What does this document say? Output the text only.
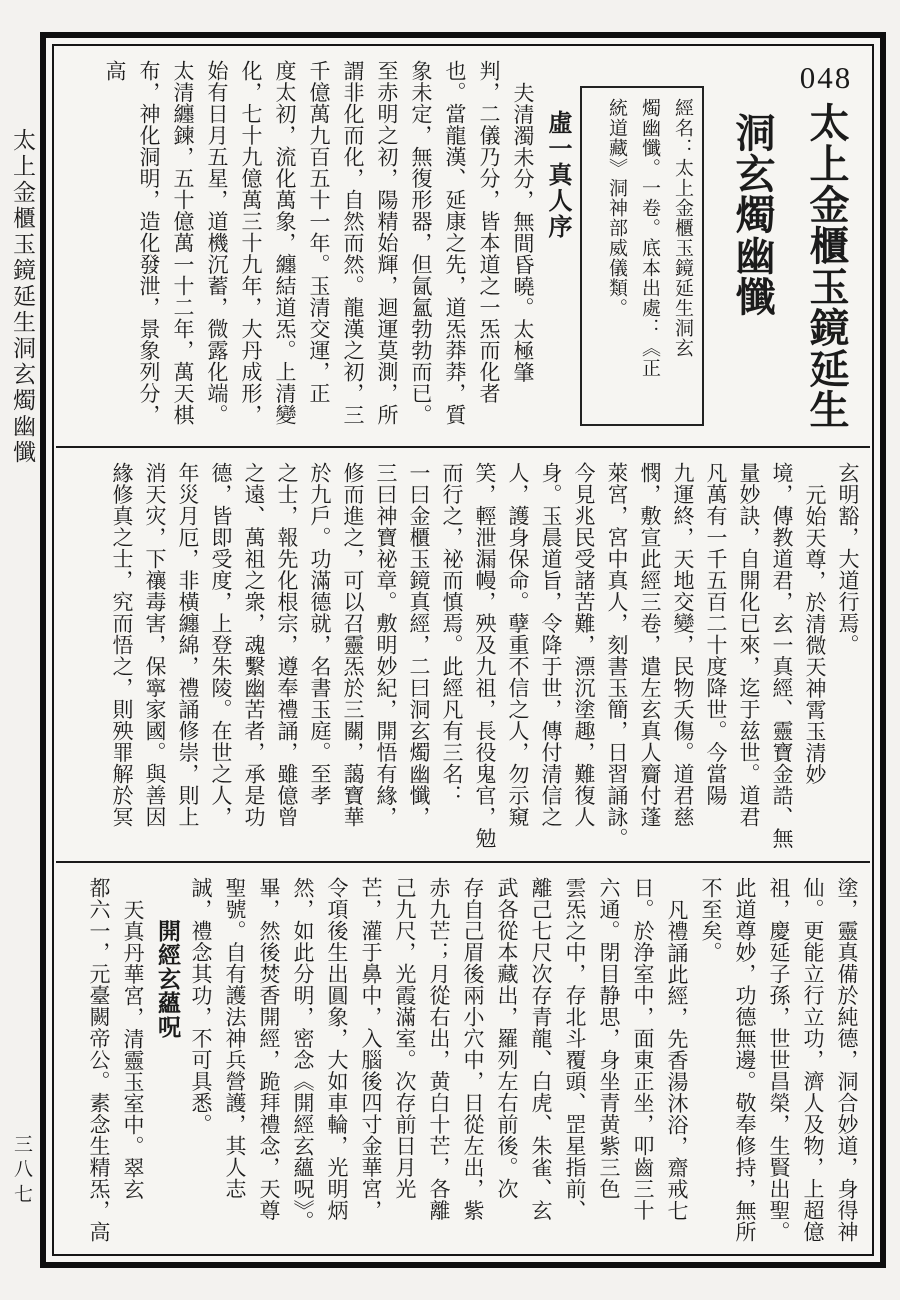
太上金櫃玉鏡延生洞玄燭幽懺
三八七
048
太上金櫃玉鏡延生
洞玄燭幽懺
經名：太上金櫃玉鏡延生洞玄
燭幽懺。一卷。底本出處：《正
統道藏》洞神部威儀類。
虛一真人序
夫清濁未分，無間昏曉。太極肇
判，二儀乃分，皆本道之一炁而化者
也。當龍漢、延康之先，道炁莽莽，質
象未定，無復形器，但氤氳勃勃而已。
至赤明之初，陽精始輝，迴運莫測，所
謂非化而化，自然而然。龍漢之初，三
千億萬九百五十一年。玉清交運，正
度太初，流化萬象，纏結道炁。上清變
化，七十九億萬三十九年，大丹成形，
始有日月五星，道機沉蓄，微露化端。
太清纏鍊，五十億萬一十二年，萬天棋
布，神化洞明，造化發泄，景象列分，高
玄明豁，大道行焉。
元始天尊，於清微天神霄玉清妙
境，傳教道君，玄一真經、靈寶金誥、無
量妙訣，自開化已來，迄于兹世。道君
凡萬有一千五百二十度降世。今當陽
九運終，天地交變，民物夭傷。道君慈
憫，敷宣此經三卷，遣左玄真人齎付蓬
萊宮，宮中真人，刻書玉簡，日習誦詠。
今見兆民受諸苦難，漂沉塗趣，難復人
身。玉晨道旨，令降于世，傳付清信之
人，護身保命。孽重不信之人，勿示窺
笑，輕泄漏幔，殃及九祖，長役鬼官，勉
而行之，祕而慎焉。此經凡有三名：
一曰金櫃玉鏡真經，二曰洞玄燭幽懺，
三曰神寶祕章。敷明妙紀，開悟有緣，
修而進之，可以召靈炁於三關，藹寶華
於九戶。功滿德就，名書玉庭。至孝
之士，報先化根宗，遵奉禮誦，雖億曾
之遠、萬祖之衆，魂繫幽苦者，承是功
德，皆即受度，上登朱陵。在世之人，
年災月厄，非橫纏綿，禮誦修崇，則上
消天灾，下禳毒害，保寧家國。與善因
緣修真之士，究而悟之，則殃罪解於冥
塗，靈真備於純德，洞合妙道，身得神
仙。更能立行立功，濟人及物，上超億
祖，慶延子孫，世世昌榮，生賢出聖。
此道尊妙，功德無邊。敬奉修持，無所
不至矣。
凡禮誦此經，先香湯沐浴，齋戒七
日。於浄室中，面東正坐，叩齒三十
六通。閉目静思，身坐青黄紫三色
雲炁之中，存北斗覆頭、罡星指前、
離己七尺次存青龍、白虎、朱雀、玄
武各從本藏出，羅列左右前後。次
存自己眉後兩小穴中，日從左出，紫
赤九芒；月從右出，黄白十芒，各離
己九尺，光霞滿室。次存前日月光
芒，灌于鼻中，入腦後四寸金華宮，
令項後生出圓象，大如車輪，光明炳
然，如此分明，密念《開經玄蘊呪》。
畢，然後焚香開經，跪拜禮念，天尊
聖號。自有護法神兵營護，其人志
誠，禮念其功，不可具悉。
開經玄蘊呪
天真丹華宮，清靈玉室中。翠玄
都六一，元臺闕帝公。素念生精炁，高
